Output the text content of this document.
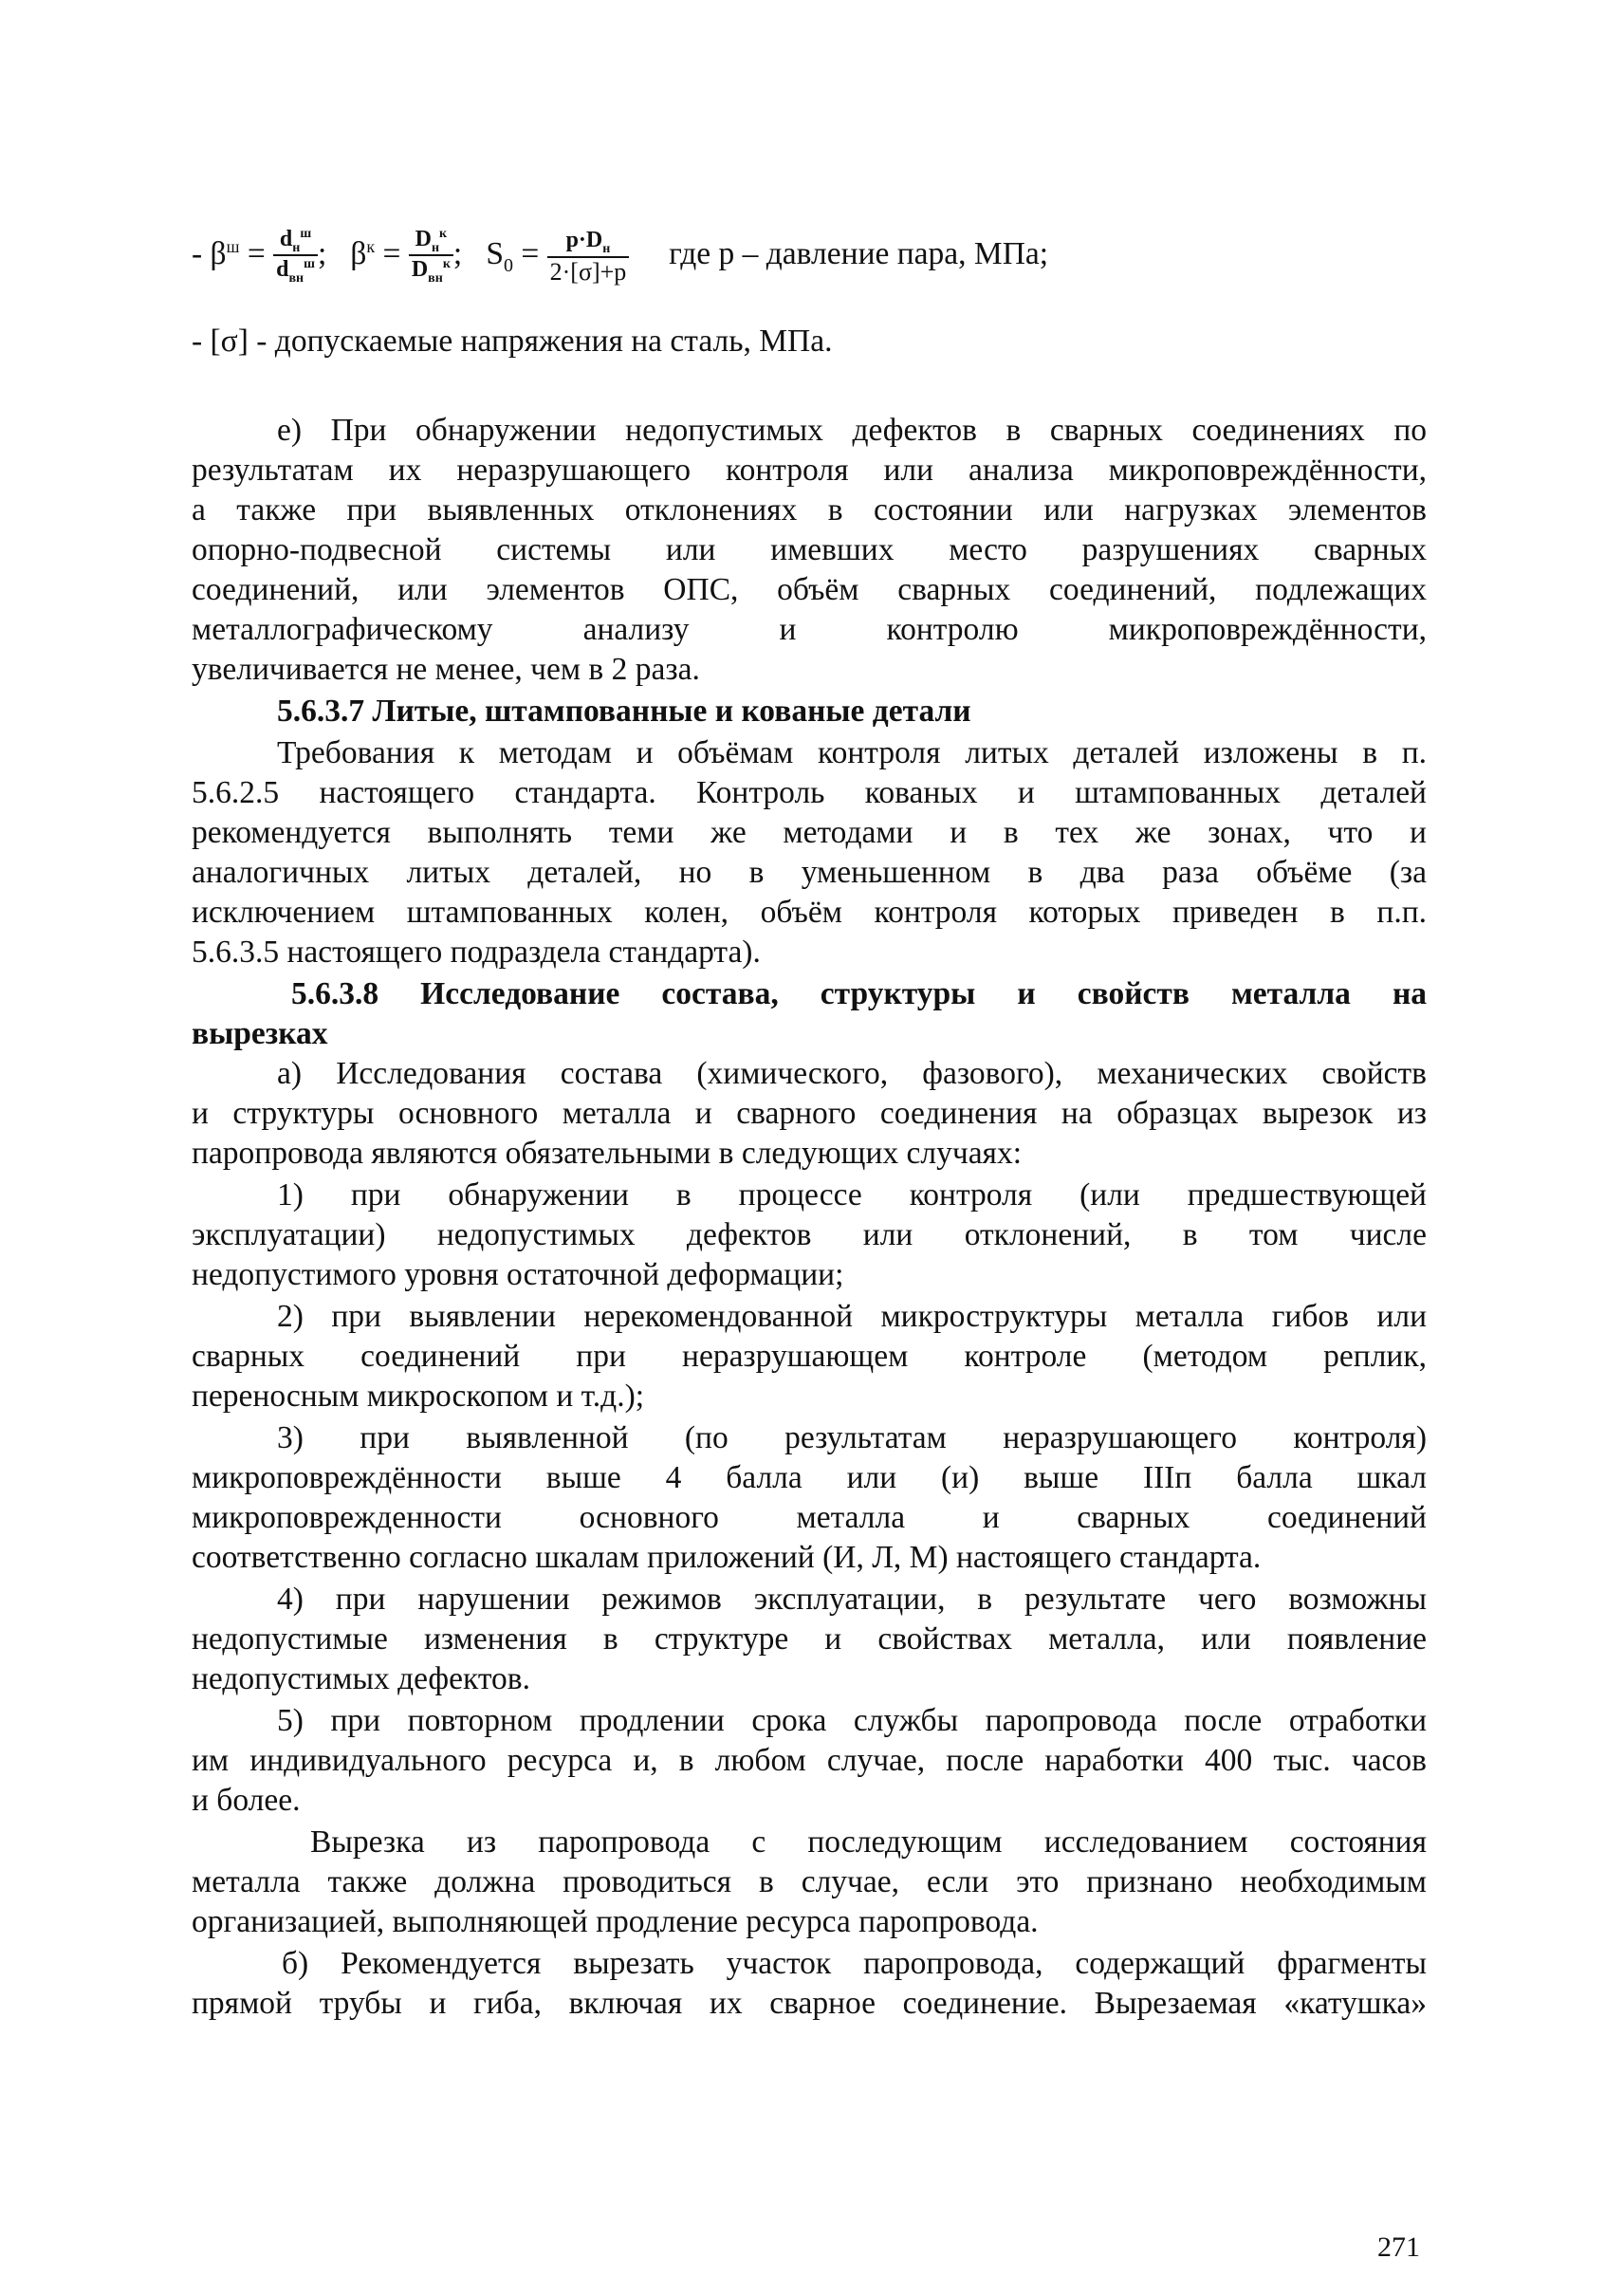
- $\beta^ш = d_н^ш$
$d_{вн}^ш$ ; $\beta^к = D_н^к$
$D_{вн}^к$ ; $S_0$ =	$p\cdot D_н$
2·[σ]+p
где p – давление пара, МПа;
- [σ] - допускаемые напряжения на сталь, МПа.
е) При обнаружении недопустимых дефектов в сварных соединениях по
результатам их неразрушающего контроля или анализа микроповреждённости,
а также при выявленных отклонениях в состоянии или нагрузках элементов
опорно-подвесной системы или имевших место разрушениях сварных
соединений, или элементов ОПС, объём сварных соединений, подлежащих
металлографическому анализу и контролю микроповреждённости,
увеличивается не менее, чем в 2 раза.
5.6.3.7 Литые, штампованные и кованые детали
Требования к методам и объёмам контроля литых деталей изложены в п.
5.6.2.5 настоящего стандарта. Контроль кованых и штампованных деталей
рекомендуется выполнять теми же методами и в тех же зонах, что и
аналогичных литых деталей, но в уменьшенном в два раза объёме (за
исключением штампованных колен, объём контроля которых приведен в п.п.
5.6.3.5 настоящего подраздела стандарта).
5.6.3.8 Исследование состава, структуры и свойств металла на
вырезках
а) Исследования состава (химического, фазового), механических свойств
и структуры основного металла и сварного соединения на образцах вырезок из
паропровода являются обязательными в следующих случаях:
1) при обнаружении в процессе контроля (или предшествующей
эксплуатации) недопустимых дефектов или отклонений, в том числе
недопустимого уровня остаточной деформации;
2) при выявлении нерекомендованной микроструктуры металла гибов или
сварных соединений при неразрушающем контроле (методом реплик,
переносным микроскопом и т.д.);
3) при выявленной (по результатам неразрушающего контроля)
микроповреждённости выше 4 балла или (и) выше IIIп балла шкал
микроповрежденности основного металла и сварных соединений
соответственно согласно шкалам приложений (И, Л, М) настоящего стандарта.
4) при нарушении режимов эксплуатации, в результате чего возможны
недопустимые изменения в структуре и свойствах металла, или появление
недопустимых дефектов.
5) при повторном продлении срока службы паропровода после отработки
им индивидуального ресурса и, в любом случае, после наработки 400 тыс. часов
и более.
Вырезка из паропровода с последующим исследованием состояния
металла также должна проводиться в случае, если это признано необходимым
организацией, выполняющей продление ресурса паропровода.
б) Рекомендуется вырезать участок паропровода, содержащий фрагменты
прямой трубы и гиба, включая их сварное соединение. Вырезаемая «катушка»
271
